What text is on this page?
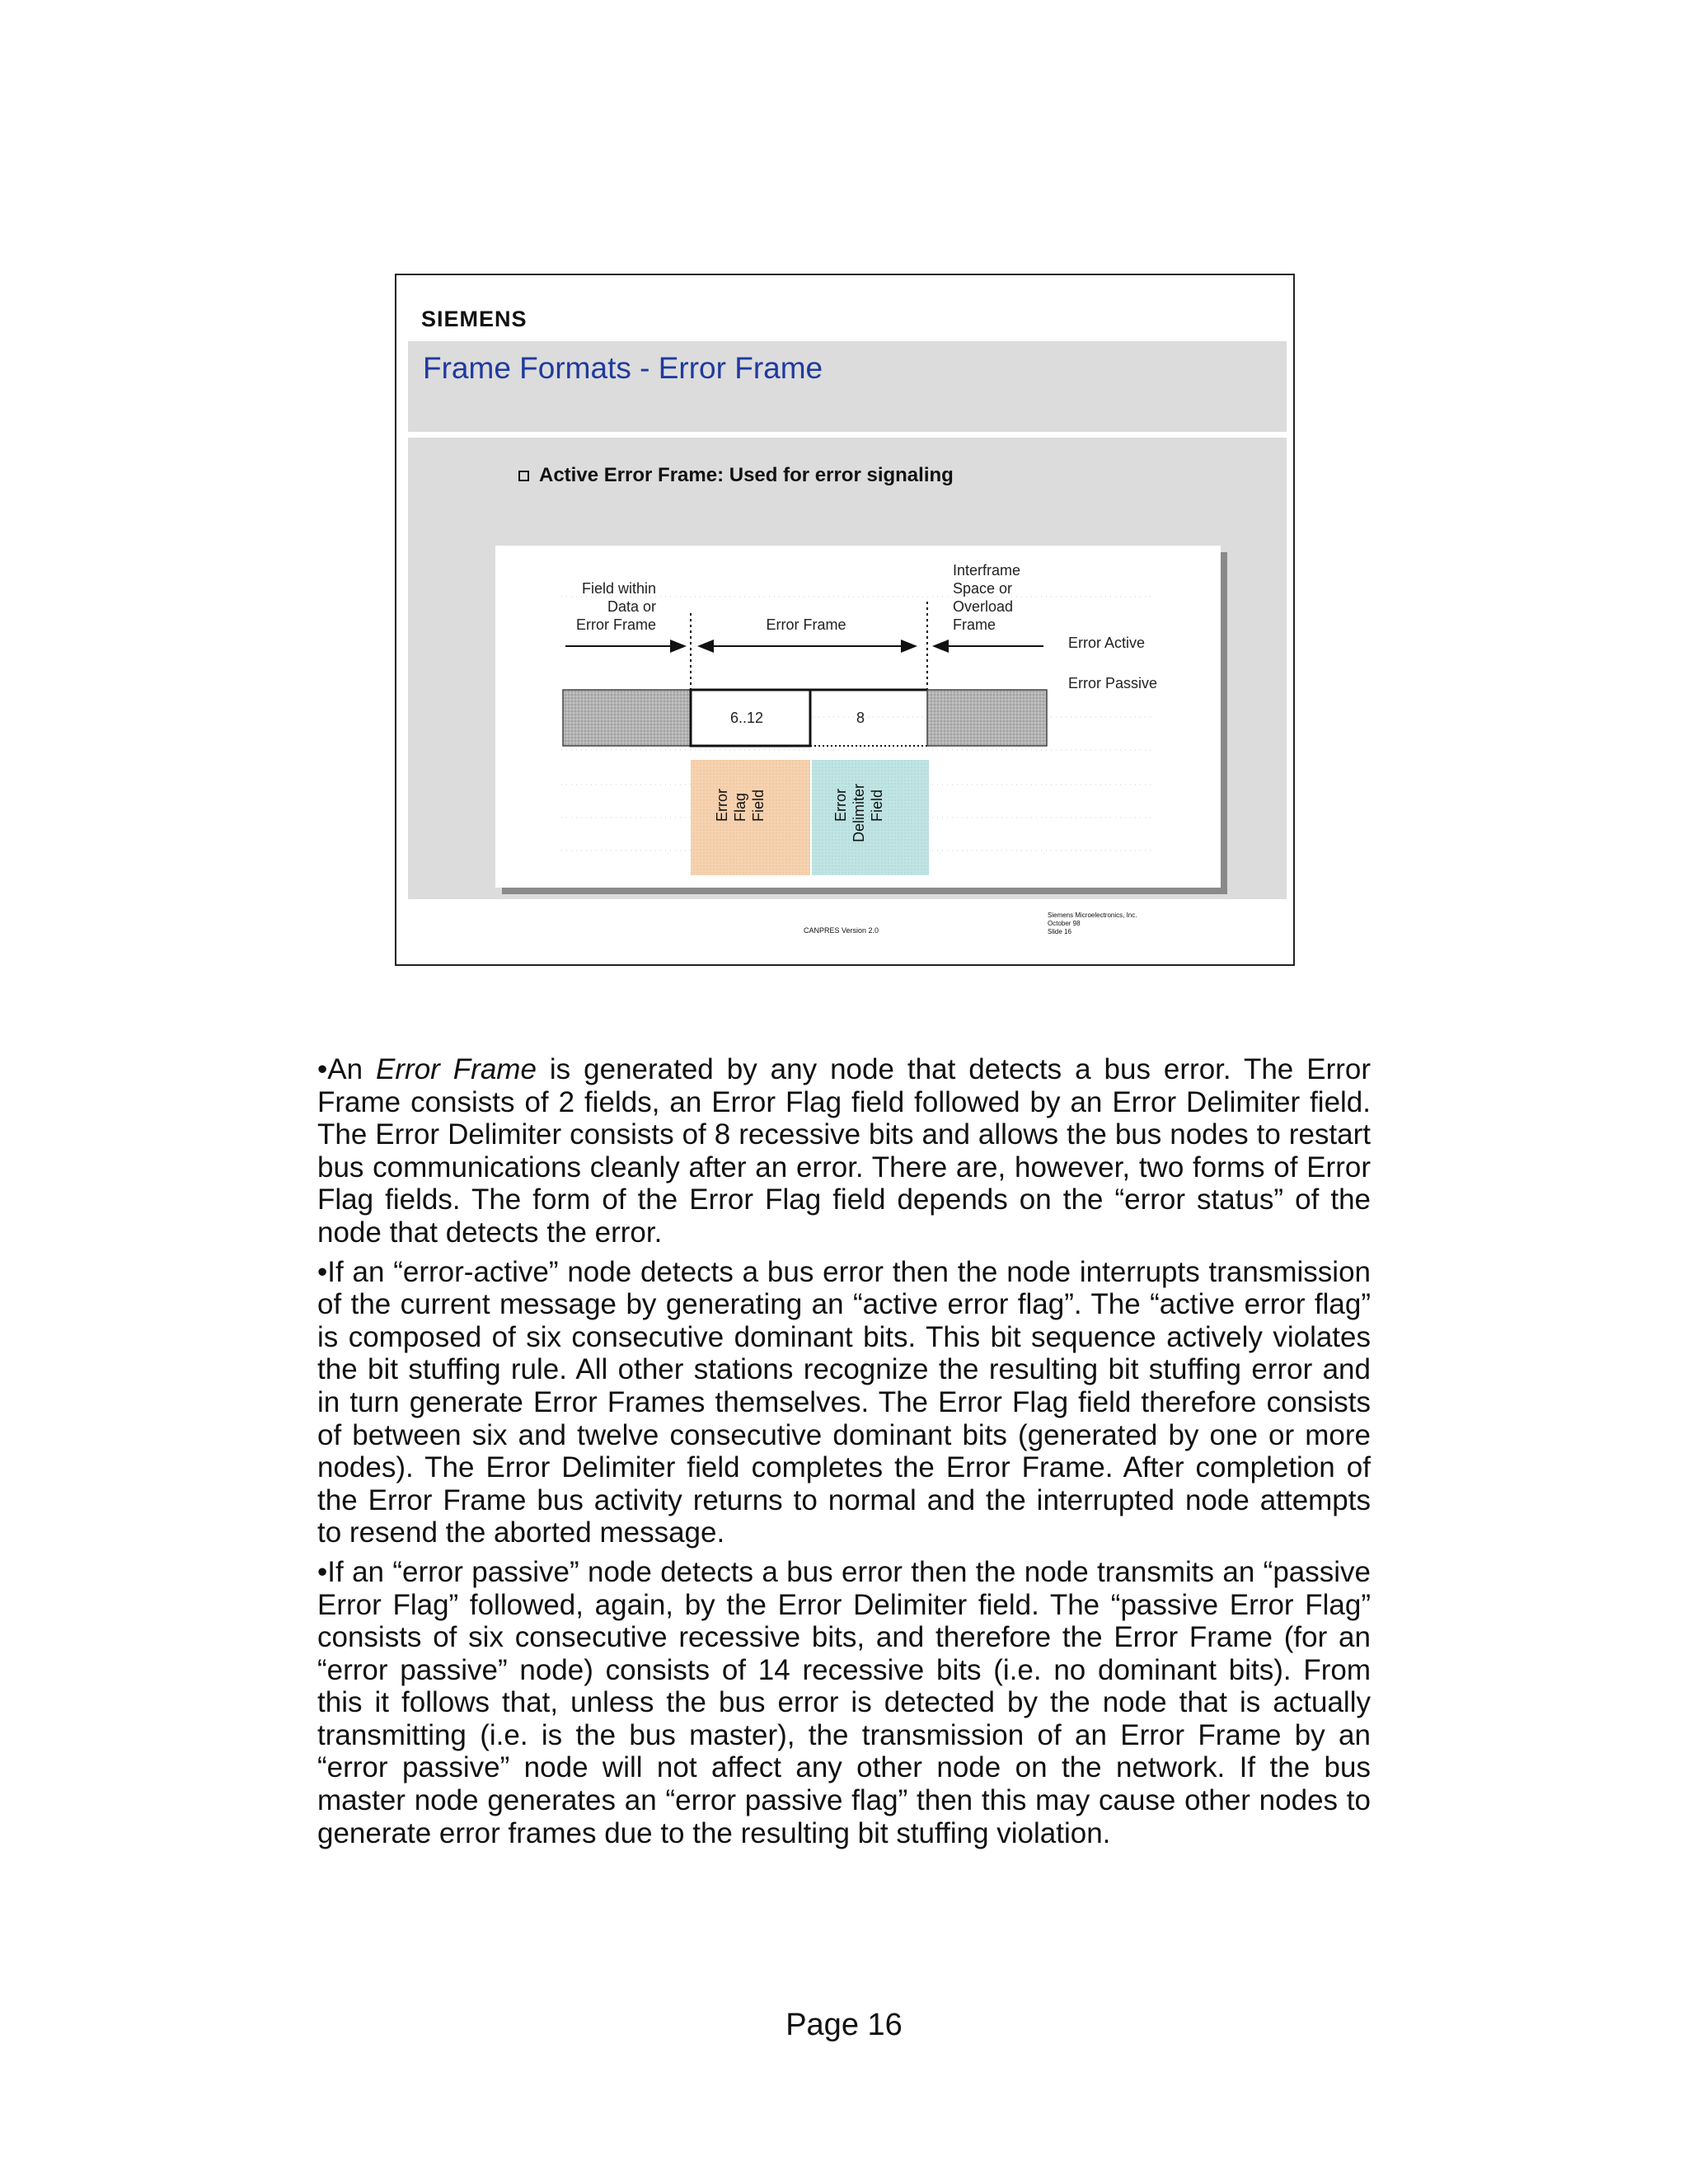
SIEMENS
Frame Formats - Error Frame
Active Error Frame: Used for error signaling
Field within
Data or
Error Frame	Error Frame
Interframe
Space or
Overload
Frame
Error Active
Error Passive
6..12	8
Error Flag Field	Error Delimiter Field
CANPRES Version 2.0
Siemens Microelectronics, Inc.
October 98
Slide 16

•An Error Frame is generated by any node that detects a bus error. The Error Frame consists of 2 fields, an Error Flag field followed by an Error Delimiter field. The Error Delimiter consists of 8 recessive bits and allows the bus nodes to restart bus communications cleanly after an error. There are, however, two forms of Error Flag fields. The form of the Error Flag field depends on the “error status” of the node that detects the error.

•If an “error-active” node detects a bus error then the node interrupts transmission of the current message by generating an “active error flag”. The “active error flag” is composed of six consecutive dominant bits. This bit sequence actively violates the bit stuffing rule. All other stations recognize the resulting bit stuffing error and in turn generate Error Frames themselves. The Error Flag field therefore consists of between six and twelve consecutive dominant bits (generated by one or more nodes). The Error Delimiter field completes the Error Frame. After completion of the Error Frame bus activity returns to normal and the interrupted node attempts to resend the aborted message.

•If an “error passive” node detects a bus error then the node transmits an “passive Error Flag” followed, again, by the Error Delimiter field. The “passive Error Flag” consists of six consecutive recessive bits, and therefore the Error Frame (for an “error passive” node) consists of 14 recessive bits (i.e. no dominant bits). From this it follows that, unless the bus error is detected by the node that is actually transmitting (i.e. is the bus master), the transmission of an Error Frame by an “error passive” node will not affect any other node on the network. If the bus master node generates an “error passive flag” then this may cause other nodes to generate error frames due to the resulting bit stuffing violation.

Page 16
